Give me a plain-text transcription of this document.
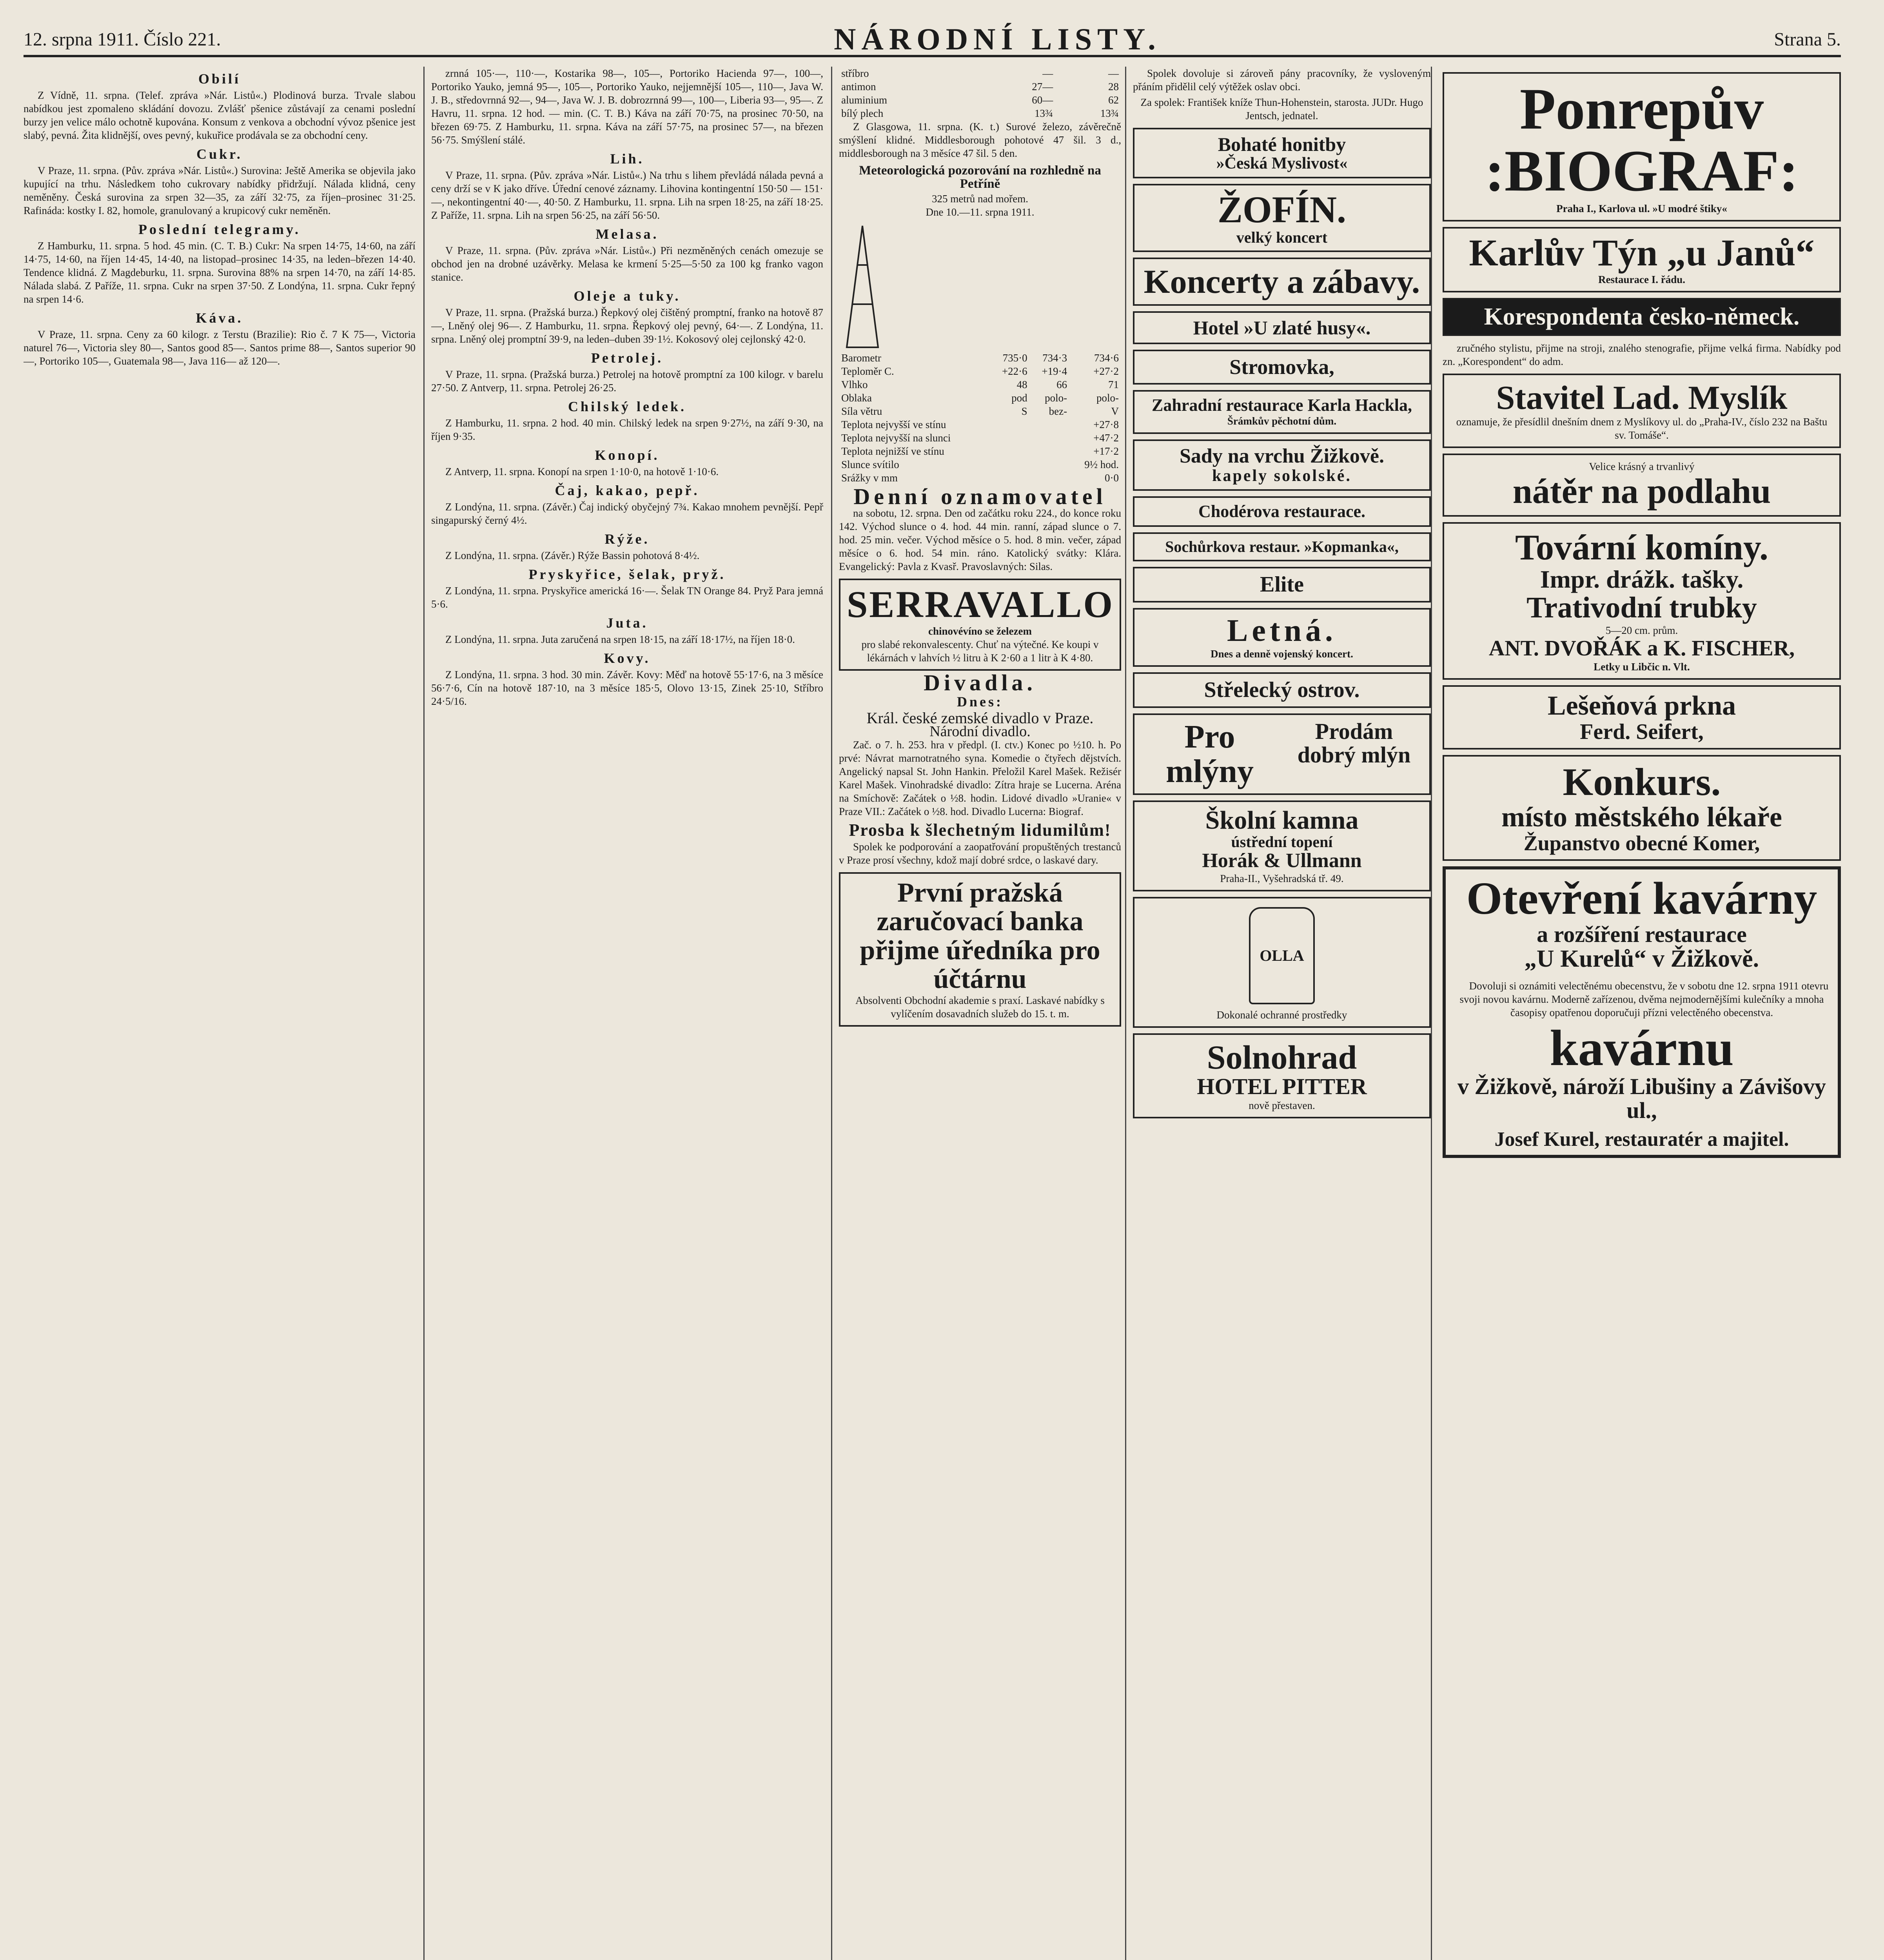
12. srpna 1911. Číslo 221.	NÁRODNÍ LISTY.	Strana 5.
Obilí

Z Vídně, 11. srpna. (Telef. zpráva »Nár. Listů«.) Plodinová burza. Trvale slabou nabídkou jest zpomaleno skládání dovozu. Zvlášť pšenice zůstávají za cenami poslední burzy jen velice málo ochotně kupována. Konsum z venkova a obchodní vývoz pšenice jest slabý, pevná. Žita klidnější, oves pevný, kukuřice prodávala se za obchodní ceny.

Cukr.

V Praze, 11. srpna. (Pův. zpráva »Nár. Listů«.) Surovina: Ještě Amerika se objevila jako kupující na trhu. Následkem toho cukrovary nabídky přidržují. Nálada klidná, ceny neměněny. Česká surovina za srpen 32—35, za září 32·75, za říjen–prosinec 31·25. Rafináda: kostky I. 82, homole, granulovaný a krupicový cukr neměněn.

Poslední telegramy.

Z Hamburku, 11. srpna. 5 hod. 45 min. (C. T. B.) Cukr: Na srpen 14·75, 14·60, na září 14·75, 14·60, na říjen 14·45, 14·40, na listopad–prosinec 14·35, na leden–březen 14·40. Tendence klidná. Z Magdeburku, 11. srpna. Surovina 88% na srpen 14·70, na září 14·85. Nálada slabá. Z Paříže, 11. srpna. Cukr na srpen 37·50. Z Londýna, 11. srpna. Cukr řepný na srpen 14·6.

Káva.

V Praze, 11. srpna. Ceny za 60 kilogr. z Terstu (Brazilie): Rio č. 7 K 75—, Victoria naturel 76—, Victoria sley 80—, Santos good 85—. Santos prime 88—, Santos superior 90—, Portoriko 105—, Guatemala 98—, Java 116— až 120—.

zrnná 105·—, 110·—, Kostarika 98—, 105—, Portoriko Hacienda 97—, 100—, Portoriko Yauko, jemná 95—, 105—, Portoriko Yauko, nejjemnější 105—, 110—, Java W. J. B., středovrnná 92—, 94—, Java W. J. B. dobrozrnná 99—, 100—, Liberia 93—, 95—. Z Havru, 11. srpna. 12 hod. — min. (C. T. B.) Káva na září 70·75, na prosinec 70·50, na březen 69·75. Z Hamburku, 11. srpna. Káva na září 57·75, na prosinec 57—, na březen 56·75. Smýšlení stálé.

Lih.

V Praze, 11. srpna. (Pův. zpráva »Nár. Listů«.) Na trhu s lihem převládá nálada pevná a ceny drží se v K jako dříve. Úřední cenové záznamy. Lihovina kontingentní 150·50 — 151·—, nekontingentní 40·—, 40·50. Z Hamburku, 11. srpna. Lih na srpen 18·25, na září 18·25. Z Paříže, 11. srpna. Lih na srpen 56·25, na září 56·50.

Melasa.

V Praze, 11. srpna. (Pův. zpráva »Nár. Listů«.) Při nezměněných cenách omezuje se obchod jen na drobné uzávěrky. Melasa ke krmení 5·25—5·50 za 100 kg franko vagon stanice.

Oleje a tuky.

V Praze, 11. srpna. (Pražská burza.) Řepkový olej čištěný promptní, franko na hotově 87—, Lněný olej 96—. Z Hamburku, 11. srpna. Řepkový olej pevný, 64·—. Z Londýna, 11. srpna. Lněný olej promptní 39·9, na leden–duben 39·1½. Kokosový olej cejlonský 42·0.

Petrolej.

V Praze, 11. srpna. (Pražská burza.) Petrolej na hotově promptní za 100 kilogr. v barelu 27·50. Z Antverp, 11. srpna. Petrolej 26·25.

Chilský ledek.

Z Hamburku, 11. srpna. 2 hod. 40 min. Chilský ledek na srpen 9·27½, na září 9·30, na říjen 9·35.

Konopí.

Z Antverp, 11. srpna. Konopí na srpen 1·10·0, na hotově 1·10·6.

Čaj, kakao, pepř.

Z Londýna, 11. srpna. (Závěr.) Čaj indický obyčejný 7¾. Kakao mnohem pevnější. Pepř singapurský černý 4½.

Rýže.

Z Londýna, 11. srpna. (Závěr.) Rýže Bassin pohotová 8·4½.

Pryskyřice, šelak, pryž.

Z Londýna, 11. srpna. Pryskyřice americká 16·—. Šelak TN Orange 84. Pryž Para jemná 5·6.

Juta.

Z Londýna, 11. srpna. Juta zaručená na srpen 18·15, na září 18·17½, na říjen 18·0.

Kovy.

Z Londýna, 11. srpna. 3 hod. 30 min. Závěr. Kovy: Měď na hotově 55·17·6, na 3 měsíce 56·7·6, Cín na hotově 187·10, na 3 měsíce 185·5, Olovo 13·15, Zinek 25·10, Stříbro 24·5/16.

stříbro	—	—
antimon	27—	28
aluminium	60—	62
bílý plech	13¾	13¾

Z Glasgowa, 11. srpna. (K. t.) Surové železo, závěrečně smýšlení klidné. Middlesborough pohotové 47 šil. 3 d., middlesborough na 3 měsíce 47 šil. 5 den.

Meteorologická pozorování na rozhledně na Petříně
325 metrů nad mořem.
Dne 10.—11. srpna 1911.
Barometr	735·0	734·3	734·6
Teploměr C.	+22·6	+19·4	+27·2
Vlhko	48	66	71
Oblaka	pod	polo-	polo-
Síla větru	S	bez-	V
Teplota nejvyšší ve stínu			+27·8
Teplota nejvyšší na slunci			+47·2
Teplota nejnižší ve stínu			+17·2
Slunce svítilo			9½ hod.
Srážky v mm			0·0
Denní oznamovatel

na sobotu, 12. srpna. Den od začátku roku 224., do konce roku 142. Východ slunce o 4. hod. 44 min. ranní, západ slunce o 7. hod. 25 min. večer. Východ měsíce o 5. hod. 8 min. večer, západ měsíce o 6. hod. 54 min. ráno. Katolický svátky: Klára. Evangelický: Pavla z Kvasř. Pravoslavných: Silas.

SERRAVALLO
chinovévíno se železem
pro slabé rekonvalescenty. Chuť na výtečné. Ke koupi v lékárnách v lahvích ½ litru à K 2·60 a 1 litr à K 4·80.
Divadla.
Dnes:
Král. české zemské divadlo v Praze.
Národní divadlo.

Zač. o 7. h. 253. hra v předpl. (I. ctv.) Konec po ½10. h. Po prvé: Návrat marnotratného syna. Komedie o čtyřech dějstvích. Angelický napsal St. John Hankin. Přeložil Karel Mašek. Režisér Karel Mašek. Vinohradské divadlo: Zítra hraje se Lucerna. Aréna na Smíchově: Začátek o ½8. hodin. Lidové divadlo »Uranie« v Praze VII.: Začátek o ½8. hod. Divadlo Lucerna: Biograf.

Prosba k šlechetným lidumilům!

Spolek ke podporování a zaopatřování propuštěných trestanců v Praze prosí všechny, kdož mají dobré srdce, o laskavé dary.

První pražská zaručovací banka přijme úředníka pro účtárnu
Absolventi Obchodní akademie s praxí. Laskavé nabídky s vylíčením dosavadních služeb do 15. t. m.

Spolek dovoluje si zároveň pány pracovníky, že vysloveným přáním přidělil celý výtěžek oslav obci.

Za spolek: František kníže Thun-Hohenstein, starosta. JUDr. Hugo Jentsch, jednatel.

Bohaté honitby
»Česká Myslivost«
ŽOFÍN.
velký koncert
Koncerty a zábavy.
Hotel »U zlaté husy«.
Stromovka,
Zahradní restaurace Karla Hackla,
Šrámkův pěchotní dům.
Sady na vrchu Žižkově.
kapely sokolské.
Chodérova restaurace.
Sochůrkova restaur. »Kopmanka«,
Elite
Letná.
Dnes a denně vojenský koncert.
Střelecký ostrov.
Pro mlýny
Prodám dobrý mlýn
Školní kamna
ústřední topení
Horák & Ullmann
Praha-II., Vyšehradská tř. 49.
OLLA
Dokonalé ochranné prostředky
Solnohrad
HOTEL PITTER
nově přestaven.
Ponrepův
:BIOGRAF:
Praha I., Karlova ul. »U modré štiky«
Karlův Týn „u Janů“
Restaurace I. řádu.
Korespondenta česko-německ.

zručného stylistu, přijme na stroji, znalého stenografie, přijme velká firma. Nabídky pod zn. „Korespondent“ do adm.

Stavitel Lad. Myslík
oznamuje, že přesídlil dnešním dnem z Myslíkovy ul. do „Praha-IV., číslo 232 na Baštu sv. Tomáše“.
Velice krásný a trvanlivý
nátěr na podlahu
Tovární komíny.
Impr. drážk. tašky.
Trativodní trubky
5—20 cm. prům.
ANT. DVOŘÁK a K. FISCHER,
Letky u Libčic n. Vlt.
Lešeňová prkna
Ferd. Seifert,
Konkurs.
místo městského lékaře
Županstvo obecné Komer,
Otevření kavárny
a rozšíření restaurace
„U Kurelů“ v Žižkově.

Dovoluji si oznámiti velectěnému obecenstvu, že v sobotu dne 12. srpna 1911 otevru svoji novou kavárnu. Moderně zařízenou, dvěma nejmodernějšími kulečníky a mnoha časopisy opatřenou doporučuji přízni velectěného obecenstva.

kavárnu
v Žižkově, nároží Libušiny a Závišovy ul.,
Josef Kurel, restauratér a majitel.
